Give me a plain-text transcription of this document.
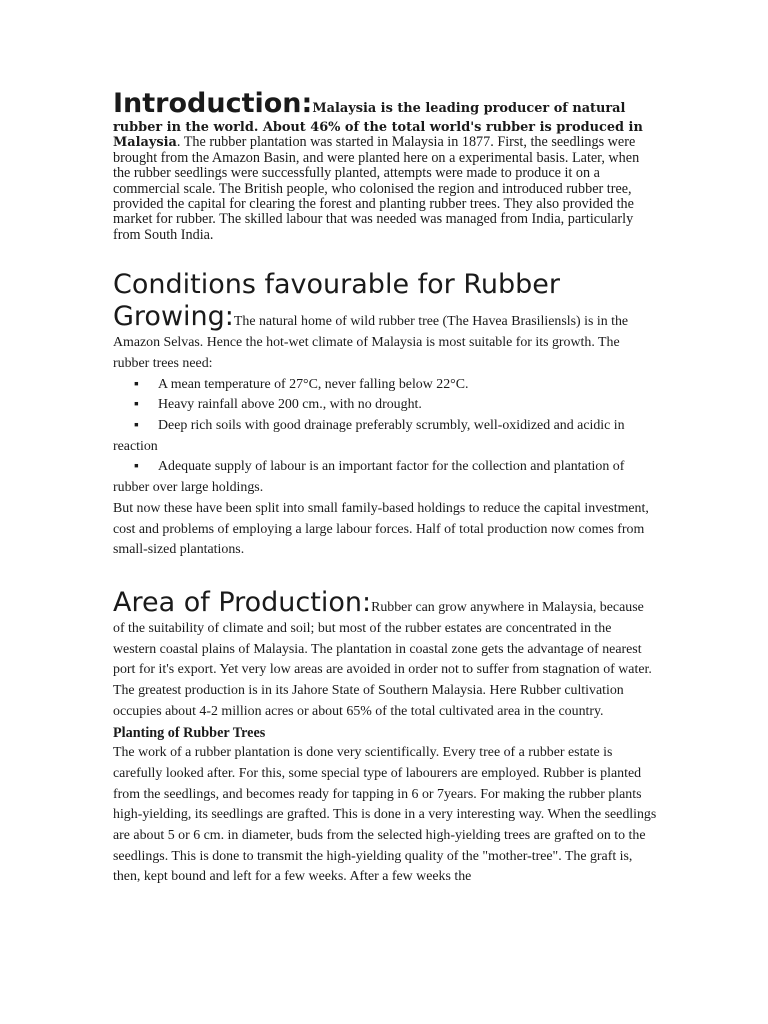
Introduction:Malaysia is the leading producer of natural rubber in the world. About 46% of the total world's rubber is produced in Malaysia. The rubber plantation was started in Malaysia in 1877. First, the seedlings were brought from the Amazon Basin, and were planted here on a experimental basis. Later, when the rubber seedlings were successfully planted, attempts were made to produce it on a commercial scale. The British people, who colonised the region and introduced rubber tree, provided the capital for clearing the forest and planting rubber trees. They also provided the market for rubber. The skilled labour that was needed was managed from India, particularly from South India.

Conditions favourable for Rubber
Growing:The natural home of wild rubber tree (The Havea Brasiliensls) is in the Amazon Selvas. Hence the hot-wet climate of Malaysia is most suitable for its growth. The rubber trees need:

▪ A mean temperature of 27°C, never falling below 22°C.
▪ Heavy rainfall above 200 cm., with no drought.
▪ Deep rich soils with good drainage preferably scrumbly, well-oxidized and acidic in reaction
▪ Adequate supply of labour is an important factor for the collection and plantation of rubber over large holdings.

But now these have been split into small family-based holdings to reduce the capital investment, cost and problems of employing a large labour forces. Half of total production now comes from small-sized plantations.

Area of Production:Rubber can grow anywhere in Malaysia, because of the suitability of climate and soil; but most of the rubber estates are concentrated in the western coastal plains of Malaysia. The plantation in coastal zone gets the advantage of nearest port for it's export. Yet very low areas are avoided in order not to suffer from stagnation of water. The greatest production is in its Jahore State of Southern Malaysia. Here Rubber cultivation occupies about 4-2 million acres or about 65% of the total cultivated area in the country.

Planting of Rubber Trees

The work of a rubber plantation is done very scientifically. Every tree of a rubber estate is carefully looked after. For this, some special type of labourers are employed. Rubber is planted from the seedlings, and becomes ready for tapping in 6 or 7years. For making the rubber plants high-yielding, its seedlings are grafted. This is done in a very interesting way. When the seedlings are about 5 or 6 cm. in diameter, buds from the selected high-yielding trees are grafted on to the seedlings. This is done to transmit the high-yielding quality of the "mother-tree". The graft is, then, kept bound and left for a few weeks. After a few weeks the
